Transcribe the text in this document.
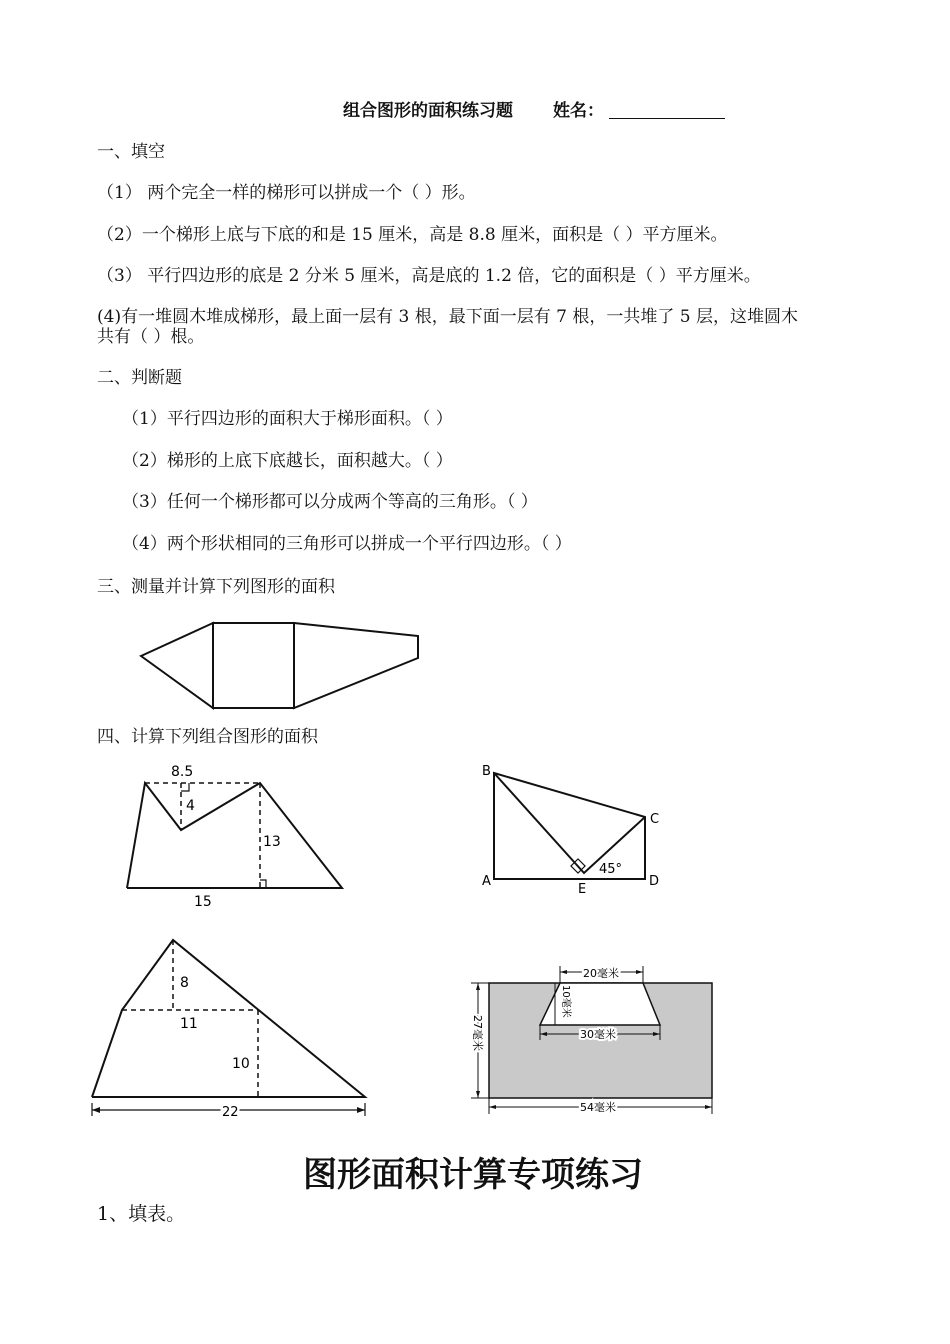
组合图形的面积练习题 姓名：
一、填空
（1） 两个完全一样的梯形可以拼成一个（ ）形。
（2）一个梯形上底与下底的和是 15 厘米，高是 8.8 厘米，面积是（ ）平方厘米。
（3） 平行四边形的底是 2 分米 5 厘米，高是底的 1.2 倍，它的面积是（ ）平方厘米。
(4)有一堆圆木堆成梯形，最上面一层有 3 根，最下面一层有 7 根，一共堆了 5 层，这堆圆木
共有（ ）根。
二、判断题
（1）平行四边形的面积大于梯形面积。（ ）
（2）梯形的上底下底越长，面积越大。（ ）
（3）任何一个梯形都可以分成两个等高的三角形。（ ）
（4）两个形状相同的三角形可以拼成一个平行四边形。（ ）
三、测量并计算下列图形的面积
四、计算下列组合图形的面积
8.5
4
13
15
B
C
A	D
E
45°
8
11
10
22
20毫米
10毫米
30毫米
27毫米
54毫米
图形面积计算专项练习
1、填表。
